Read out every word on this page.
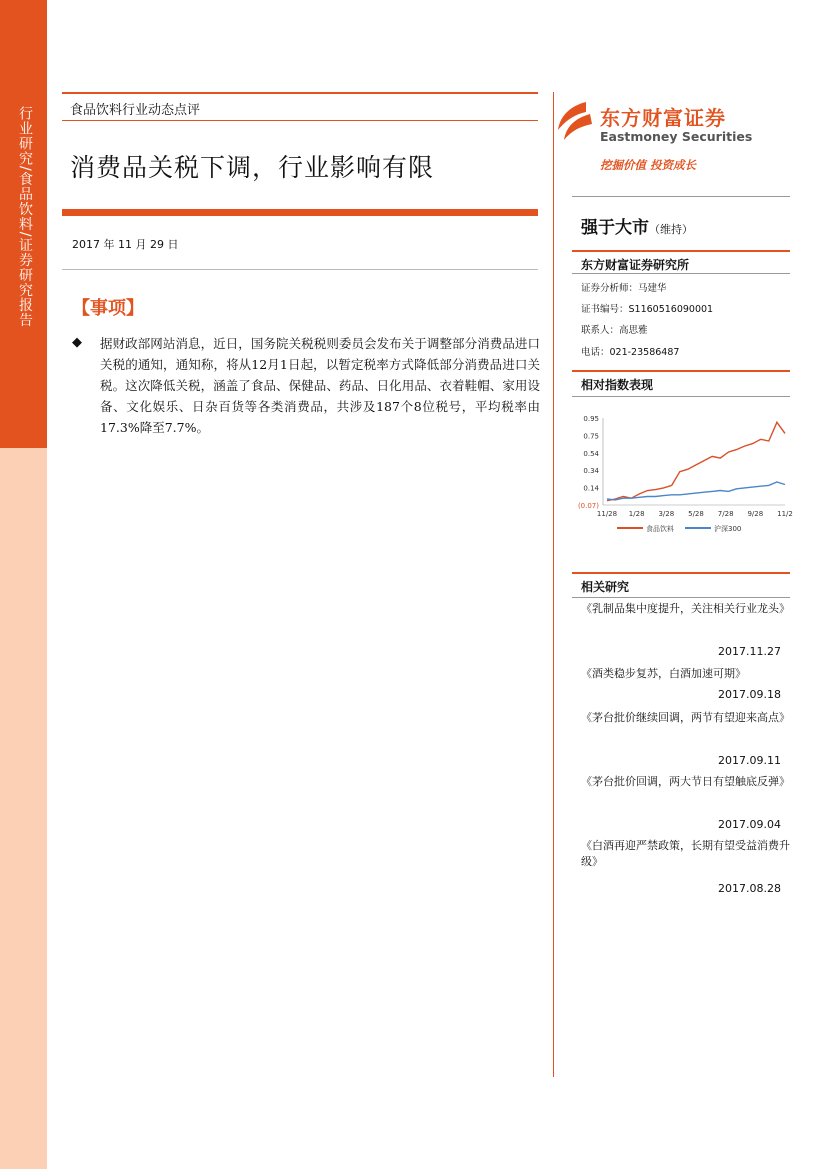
行业研究/食品饮料/证券研究报告	食品饮料行业动态点评
消费品关税下调，行业影响有限
2017 年 11 月 29 日
【事项】
◆ 据财政部网站消息，近日，国务院关税税则委员会发布关于调整部分消费品进口关税的通知，通知称，将从12月1日起，以暂定税率方式降低部分消费品进口关税。这次降低关税，涵盖了食品、保健品、药品、日化用品、衣着鞋帽、家用设备、文化娱乐、日杂百货等各类消费品，共涉及187个8位税号，平均税率由17.3%降至7.7%。
东方财富证券
Eastmoney Securities
挖掘价值 投资成长
强于大市（维持）
东方财富证券研究所
证券分析师：马建华
证书编号：S1160516090001
联系人：高思雅
电话：021-23586487
相对指数表现
0.95
0.75
0.54
0.34
0.14
(0.07)
11/28 1/28 3/28 5/28 7/28 9/28 11/2
食品饮料	沪深300
相关研究
《乳制品集中度提升，关注相关行业龙头》
2017.11.27
《酒类稳步复苏，白酒加速可期》
2017.09.18
《茅台批价继续回调，两节有望迎来高点》
2017.09.11
《茅台批价回调，两大节日有望触底反弹》
2017.09.04
《白酒再迎严禁政策，长期有望受益消费升级》
2017.08.28
